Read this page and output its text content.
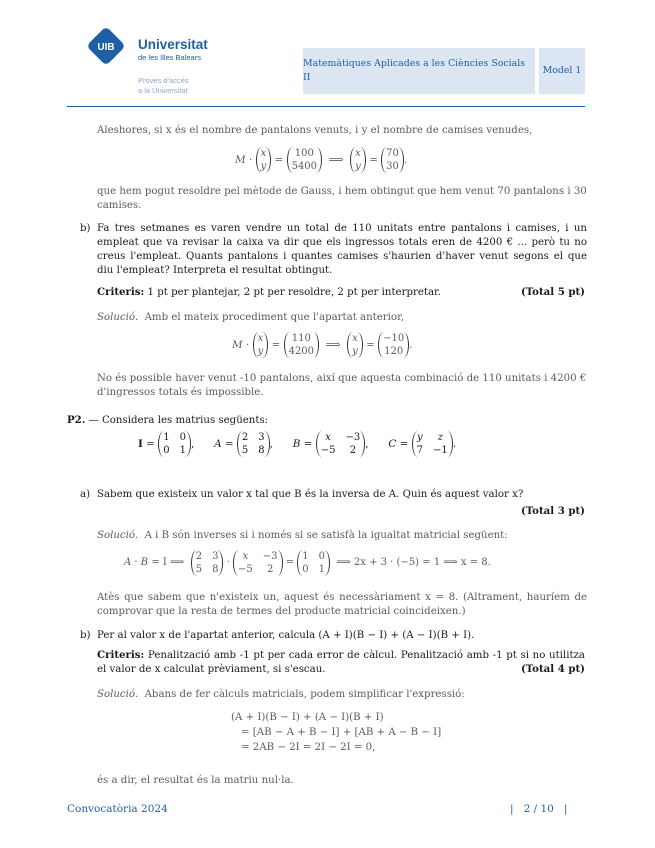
UIB Universitat
de les Illes Balears
Proves d'accés
a la Universitat
Matemàtiques Aplicades a les Ciències Socials II
Model 1
Aleshores, si x és el nombre de pantalons venuts, i y el nombre de camises venudes,
M ·
x
y
=
100
5400
⟹
x
y
=
70
30
.
que hem pogut resoldre pel mètode de Gauss, i hem obtingut que hem venut 70 pantalons i 30 camises.
b) Fa tres setmanes es varen vendre un total de 110 unitats entre pantalons i camises, i un empleat que va revisar la caixa va dir que els ingressos totals eren de 4200 € ... però tu no creus l'empleat. Quants pantalons i quantes camises s'haurien d'haver venut segons el que diu l'empleat? Interpreta el resultat obtingut.
Criteris: 1 pt per plantejar, 2 pt per resoldre, 2 pt per interpretar.	(Total 5 pt)
Solució. Amb el mateix procediment que l'apartat anterior,
M ·
x
y
=
110
4200
⟹
x
y
=
−10
120
.
No és possible haver venut -10 pantalons, així que aquesta combinació de 110 unitats i 4200 € d'ingressos totals és impossible.
P2. — Considera les matrius següents:
I =
1 0
0 1
,      A =
2 3
5 8
,      B =
x	−3
−5	2
,      C =
y	z
7 −1
.
a) Sabem que existeix un valor x tal que B és la inversa de A. Quin és aquest valor x?
(Total 3 pt)
Solució. A i B són inverses si i només si se satisfà la igualtat matricial següent:
A · B = I ⟹
2 3
5 8
·
x	−3
−5	2
=
1 0
0 1
⟹ 2x + 3 · (−5) = 1 ⟹ x = 8.
Atès que sabem que n'existeix un, aquest és necessàriament x = 8. (Altrament, hauríem de comprovar que la resta de termes del producte matricial coincideixen.)
b) Per al valor x de l'apartat anterior, calcula (A + I)(B − I) + (A − I)(B + I).
Criteris: Penalització amb -1 pt per cada error de càlcul. Penalització amb -1 pt si no utilitza el valor de x calculat prèviament, si s'escau.	(Total 4 pt)
Solució. Abans de fer càlculs matricials, podem simplificar l'expressió:
(A + I)(B − I) + (A − I)(B + I)
= [AB − A + B − I] + [AB + A − B − I]
= 2AB − 2I = 2I − 2I = 0,
és a dir, el resultat és la matriu nul·la.
Convocatòria 2024	|   2 / 10   |
